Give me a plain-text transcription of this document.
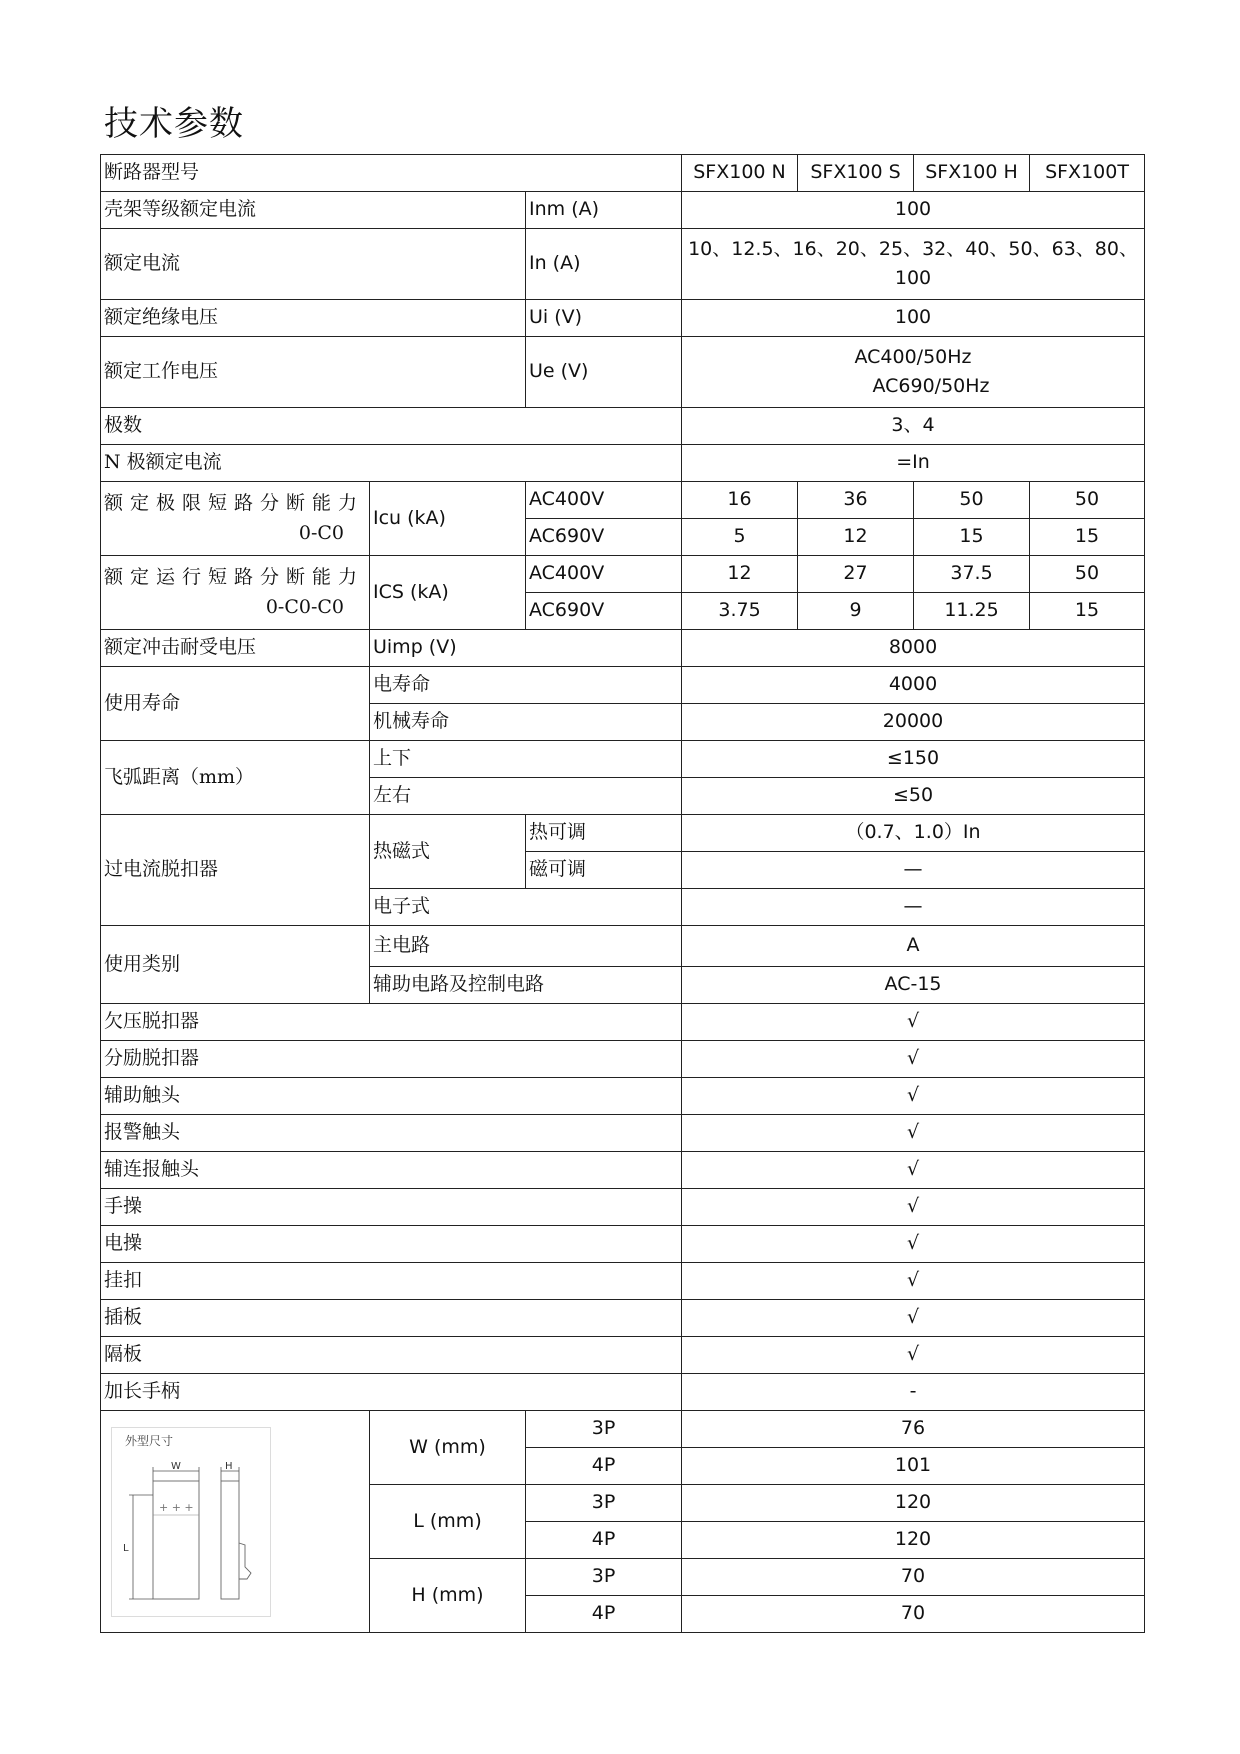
技术参数
断路器型号			SFX100 N	SFX100 S	SFX100 H	SFX100T
壳架等级额定电流		Inm (A)	100			
额定电流		In (A)	10、12.5、16、20、25、32、40、50、63、80、
100			

额定绝缘电压		Ui (V)	100			
额定工作电压		Ue (V)	AC400/50Hz
AC690/50Hz			

极数			3、4			
N 极额定电流			=In			

额定极限短路分断能力
0-C0	Icu (kA)	AC400V	16	36	50	50
		AC690V	5	12	15	15

额定运行短路分断能力
0-C0-C0	ICS (kA)	AC400V	12	27	37.5	50
		AC690V	3.75	9	11.25	15
额定冲击耐受电压	Uimp (V)		8000			
使用寿命	电寿命		4000			
	机械寿命		20000			
飞弧距离（mm）	上下		≤150			
	左右		≤50			
过电流脱扣器	热磁式	热可调	（0.7、1.0）In			
		磁可调	—			
	电子式		—			
使用类别	主电路		A			
	辅助电路及控制电路		AC-15			
欠压脱扣器			√			
分励脱扣器			√			
辅助触头			√			
报警触头			√			
辅连报触头			√			
手操			√			
电操			√			
挂扣			√			
插板			√			
隔板			√			
加长手柄			-			

外型尺寸
W H
+ + +
L	W (mm)	3P	76			
		4P	101			
	L (mm)	3P	120			
		4P	120			
	H (mm)	3P	70			
		4P	70			
